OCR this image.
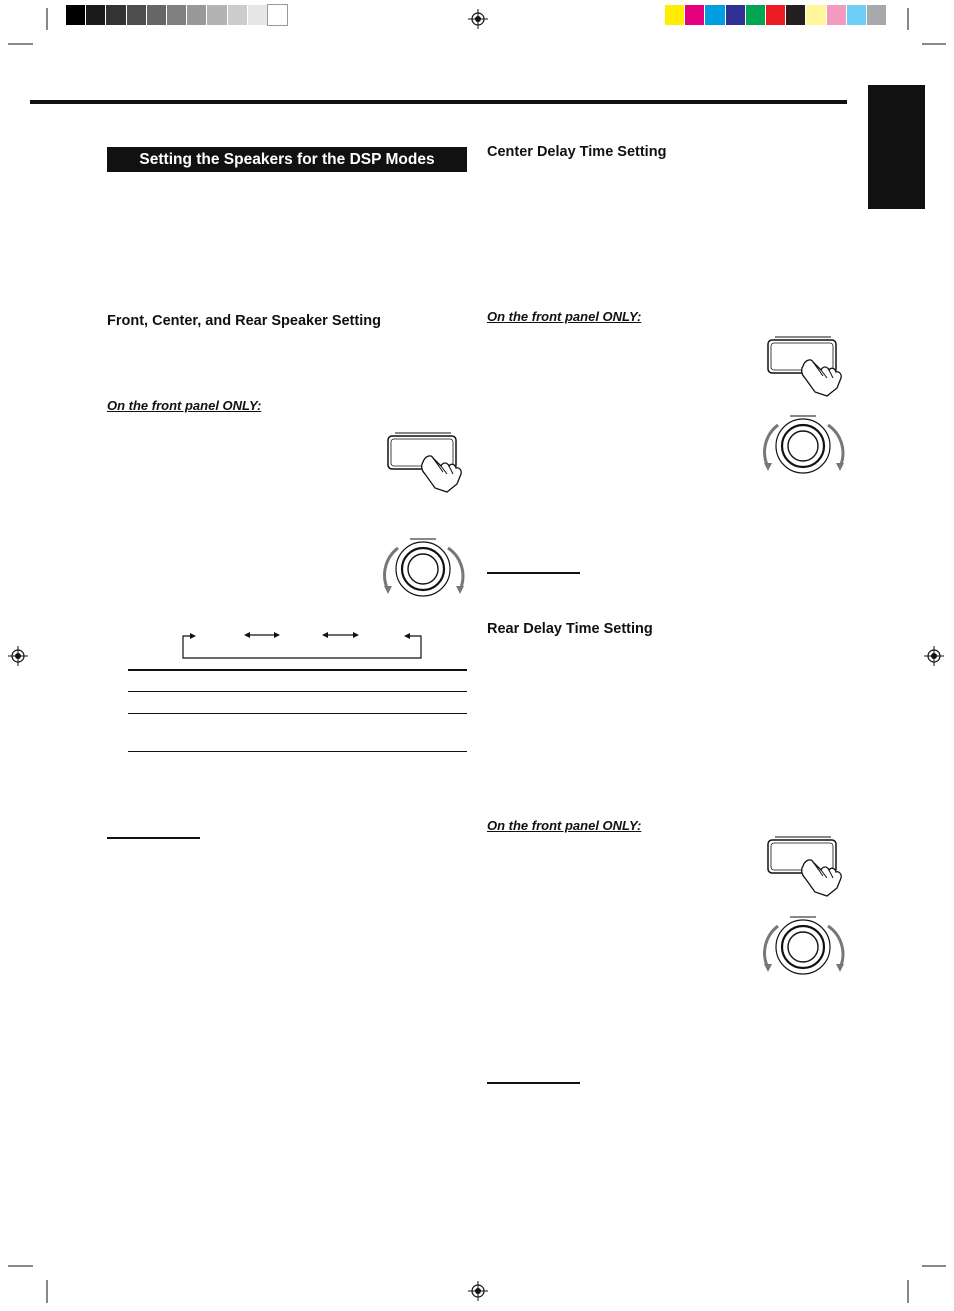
Setting the Speakers for the DSP Modes
Front, Center, and Rear Speaker Setting
On the front panel ONLY:
Center Delay Time Setting
On the front panel ONLY:
Rear Delay Time Setting
On the front panel ONLY:
